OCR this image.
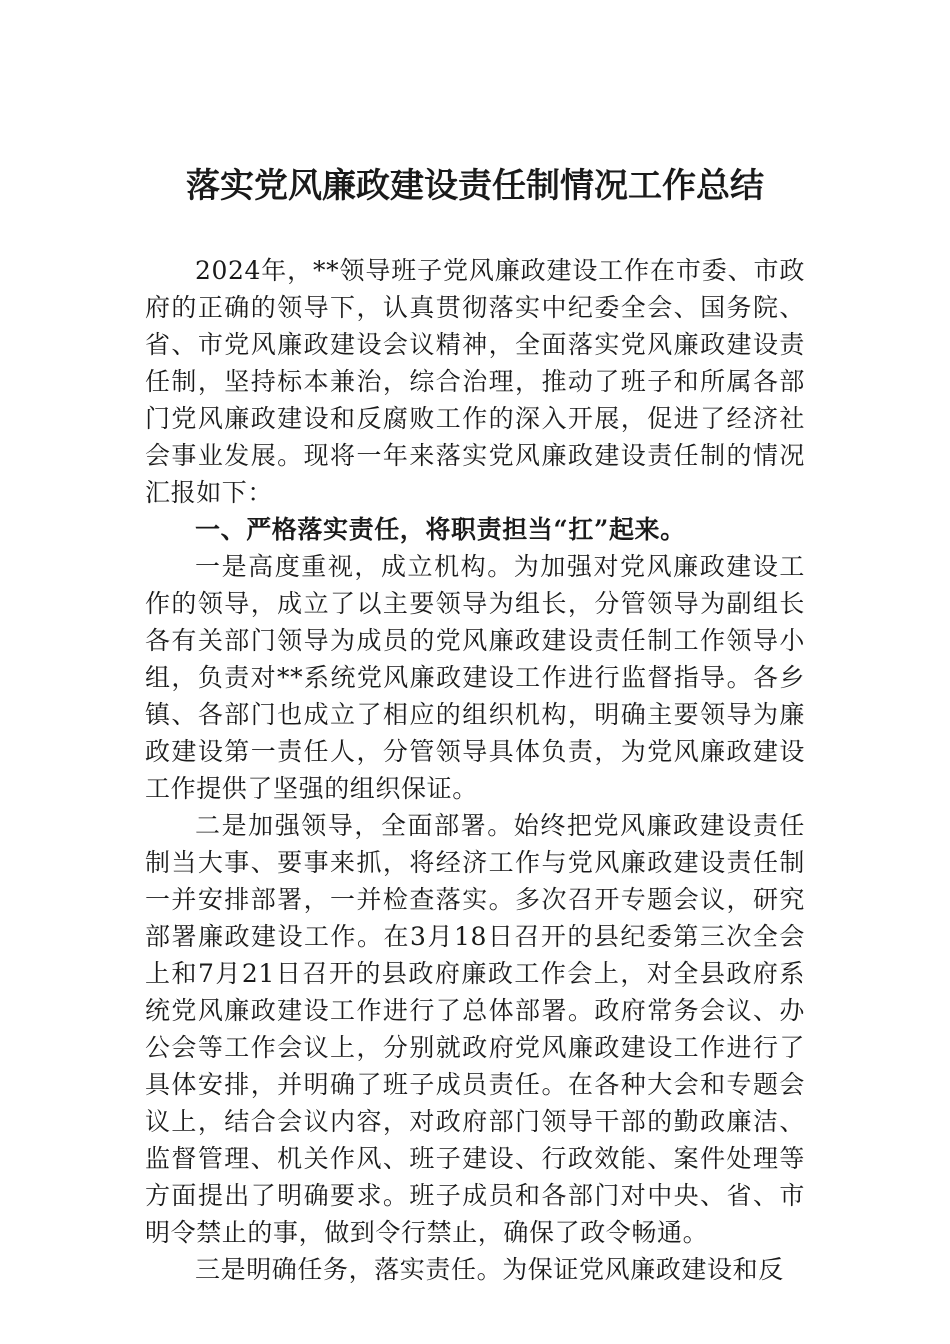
落实党风廉政建设责任制情况工作总结

2024年，**领导班子党风廉政建设工作在市委、市政府的正确的领导下，认真贯彻落实中纪委全会、国务院、省、市党风廉政建设会议精神，全面落实党风廉政建设责任制，坚持标本兼治，综合治理，推动了班子和所属各部门党风廉政建设和反腐败工作的深入开展，促进了经济社会事业发展。现将一年来落实党风廉政建设责任制的情况汇报如下：

一、严格落实责任，将职责担当“扛”起来。

一是高度重视，成立机构。为加强对党风廉政建设工作的领导，成立了以主要领导为组长，分管领导为副组长各有关部门领导为成员的党风廉政建设责任制工作领导小组，负责对**系统党风廉政建设工作进行监督指导。各乡镇、各部门也成立了相应的组织机构，明确主要领导为廉政建设第一责任人，分管领导具体负责，为党风廉政建设工作提供了坚强的组织保证。

二是加强领导，全面部署。始终把党风廉政建设责任制当大事、要事来抓，将经济工作与党风廉政建设责任制一并安排部署，一并检查落实。多次召开专题会议，研究部署廉政建设工作。在3月18日召开的县纪委第三次全会上和7月21日召开的县政府廉政工作会上，对全县政府系统党风廉政建设工作进行了总体部署。政府常务会议、办公会等工作会议上，分别就政府党风廉政建设工作进行了具体安排，并明确了班子成员责任。在各种大会和专题会议上，结合会议内容，对政府部门领导干部的勤政廉洁、监督管理、机关作风、班子建设、行政效能、案件处理等方面提出了明确要求。班子成员和各部门对中央、省、市明令禁止的事，做到令行禁止，确保了政令畅通。

三是明确任务，落实责任。为保证党风廉政建设和反
